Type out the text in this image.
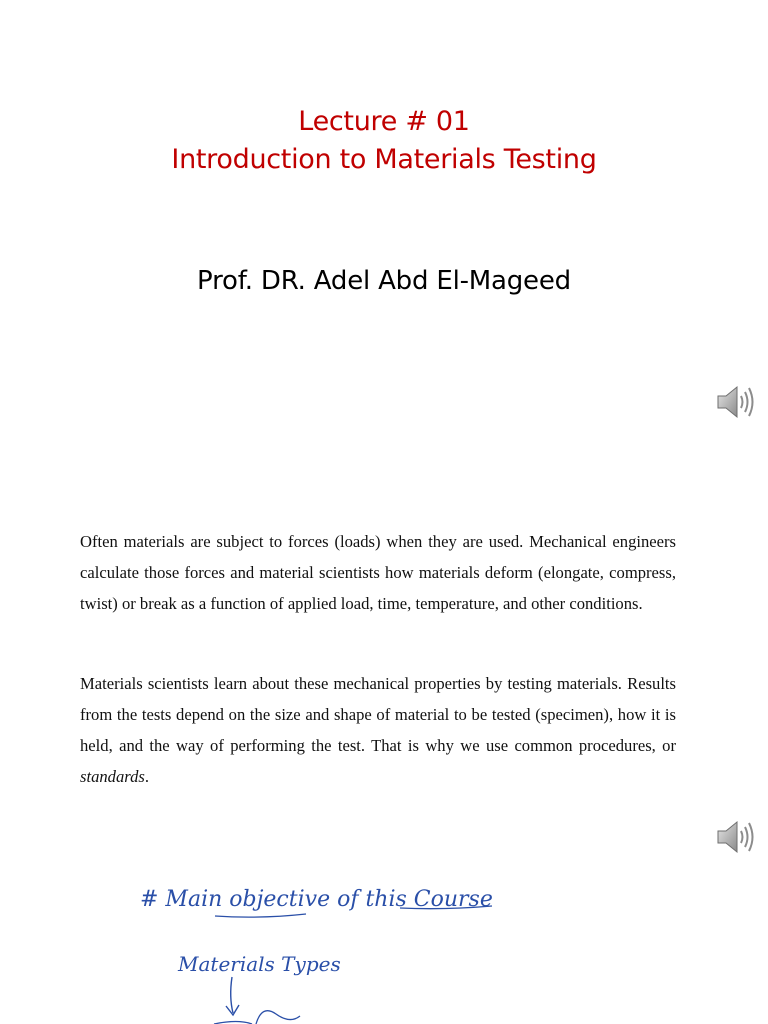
Lecture # 01
Introduction to Materials Testing
Prof. DR. Adel Abd El-Mageed
Often materials are subject to forces (loads) when they are used. Mechanical engineers calculate those forces and material scientists how materials deform (elongate, compress, twist) or break as a function of applied load, time, temperature, and other conditions.
Materials scientists learn about these mechanical properties by testing materials. Results from the tests depend on the size and shape of material to be tested (specimen), how it is held, and the way of performing the test. That is why we use common procedures, or standards.
# Main objective of this Course
Materials Types
